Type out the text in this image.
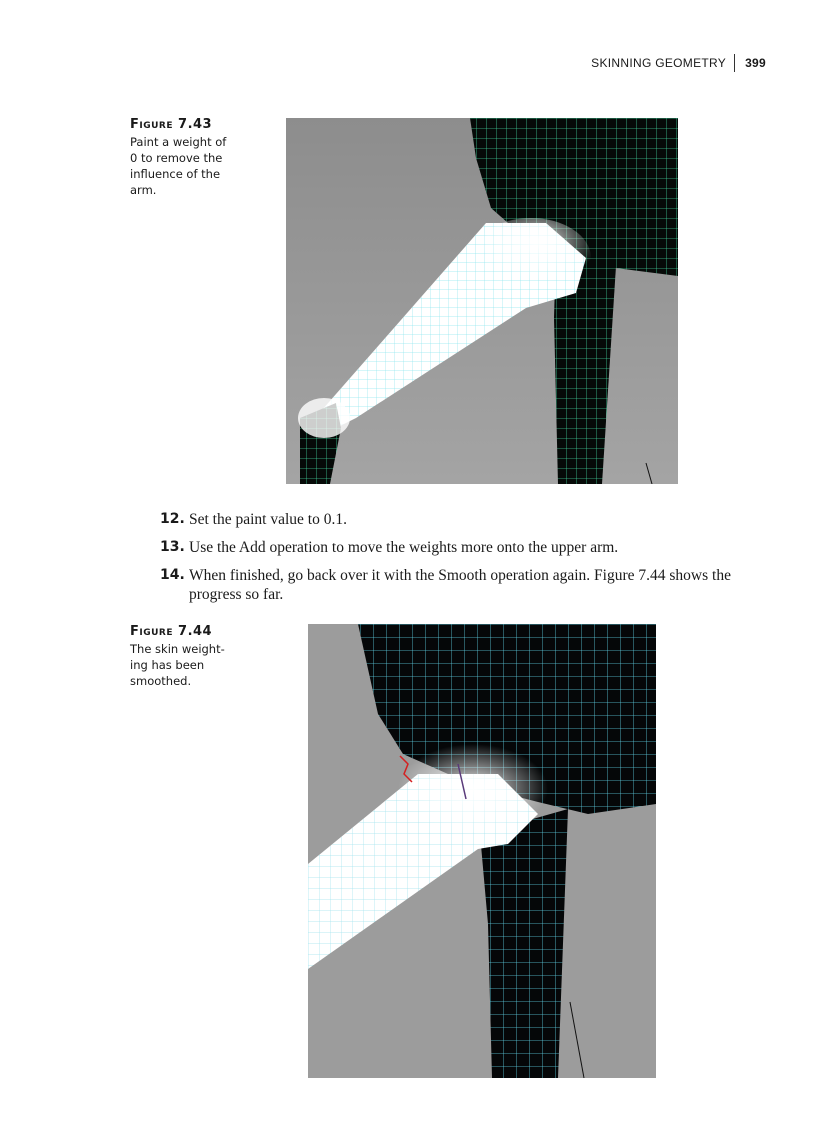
SKINNING GEOMETRY	399
Figure 7.43
Paint a weight of
0 to remove the
influence of the
arm.
12. Set the paint value to 0.1.
13. Use the Add operation to move the weights more onto the upper arm.
14. When finished, go back over it with the Smooth operation again. Figure 7.44 shows the progress so far.
Figure 7.44
The skin weight-
ing has been
smoothed.
